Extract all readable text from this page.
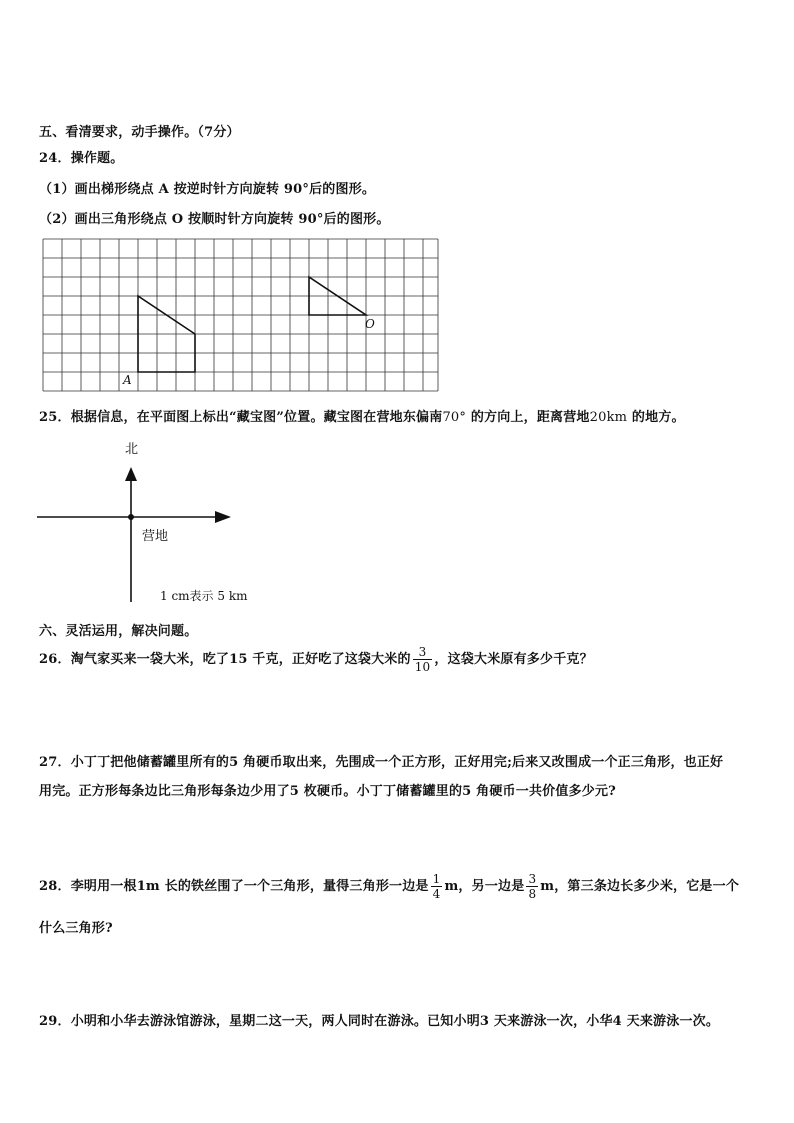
五、看清要求，动手操作。（7分）
24．操作题。
（1）画出梯形绕点 A 按逆时针方向旋转 90°后的图形。
（2）画出三角形绕点 O 按顺时针方向旋转 90°后的图形。
A
O
25．根据信息，在平面图上标出“藏宝图”位置。藏宝图在营地东偏南70° 的方向上，距离营地20km 的地方。
北
营地
1 cm表示 5 km
六、灵活运用，解决问题。
26．淘气家买来一袋大米，吃了15 千克，正好吃了这袋大米的 $\frac{3}{10}$ ，这袋大米原有多少千克？
27．小丁丁把他储蓄罐里所有的5 角硬币取出来，先围成一个正方形，正好用完;后来又改围成一个正三角形，也正好
用完。正方形每条边比三角形每条边少用了5 枚硬币。小丁丁储蓄罐里的5 角硬币一共价值多少元?
28．李明用一根1m 长的铁丝围了一个三角形，量得三角形一边是 $\frac{1}{4}$ m，另一边是 $\frac{3}{8}$ m，第三条边长多少米，它是一个
什么三角形?
29．小明和小华去游泳馆游泳，星期二这一天，两人同时在游泳。已知小明3 天来游泳一次，小华4 天来游泳一次。
